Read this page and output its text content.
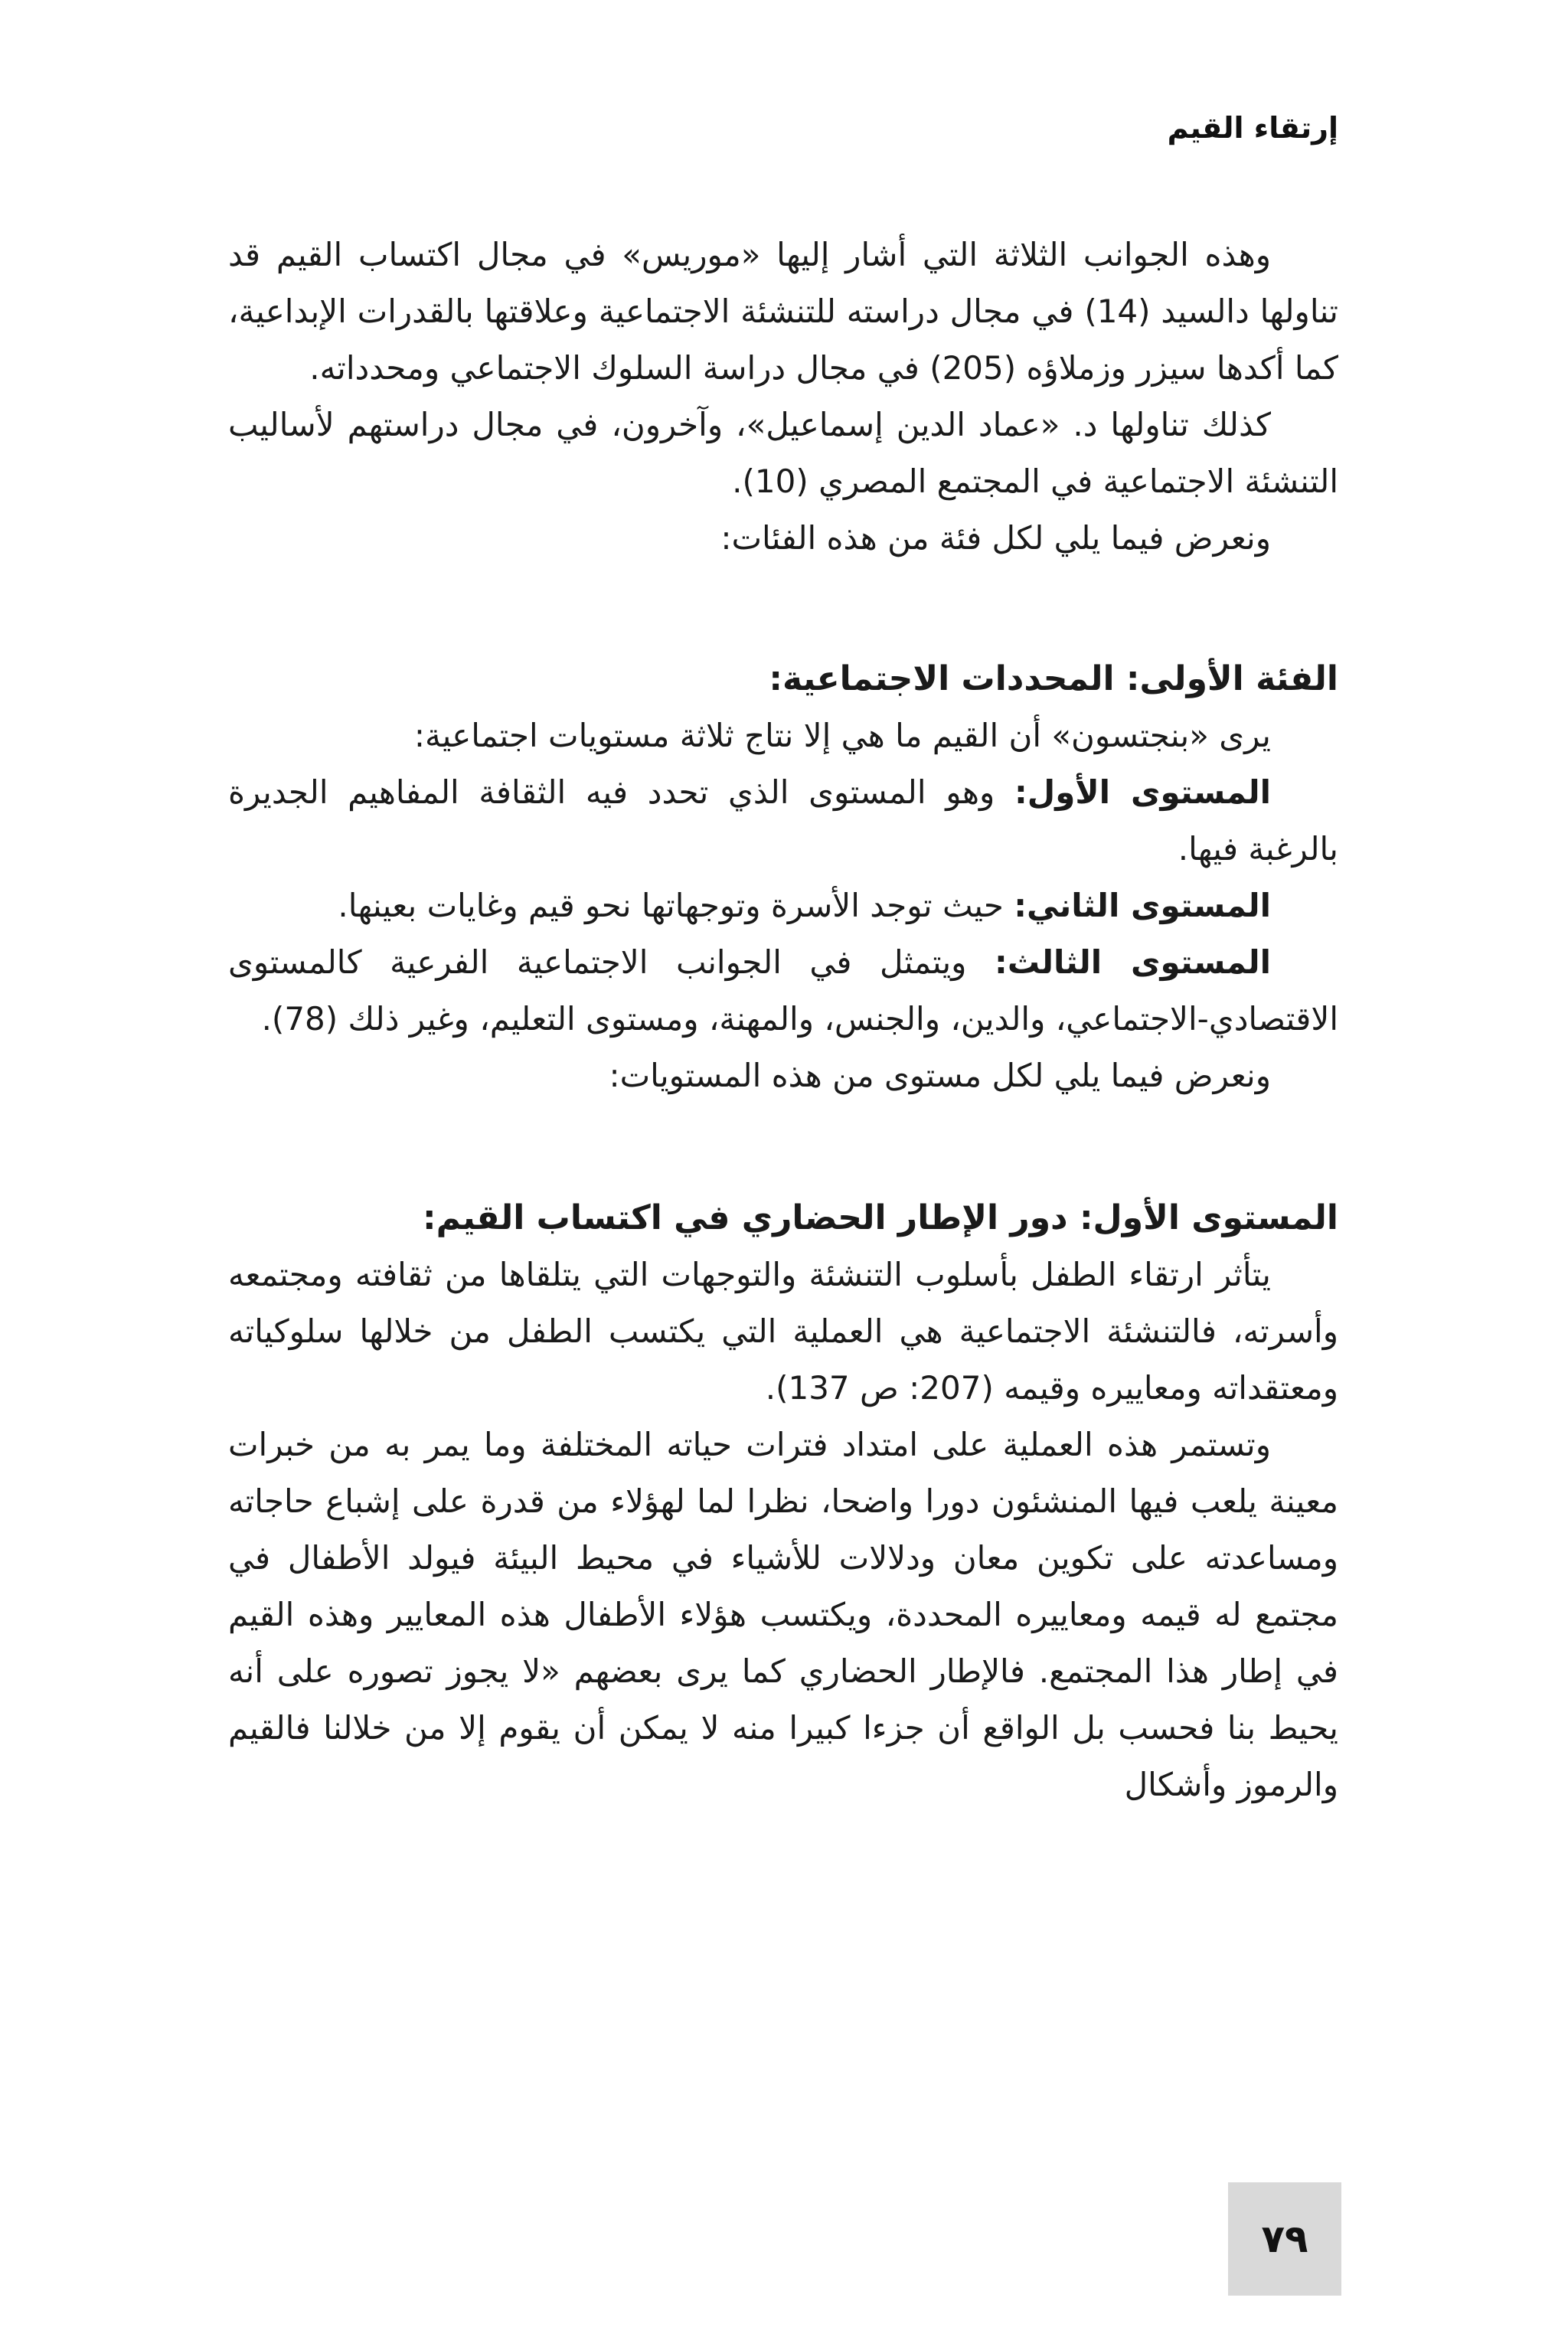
إرتقاء القيم

وهذه الجوانب الثلاثة التي أشار إليها «موريس» في مجال اكتساب القيم قد تناولها دالسيد (14) في مجال دراسته للتنشئة الاجتماعية وعلاقتها بالقدرات الإبداعية، كما أكدها سيزر وزملاؤه (205) في مجال دراسة السلوك الاجتماعي ومحدداته.

كذلك تناولها د. «عماد الدين إسماعيل»، وآخرون، في مجال دراستهم لأساليب التنشئة الاجتماعية في المجتمع المصري (10).

ونعرض فيما يلي لكل فئة من هذه الفئات:

الفئة الأولى: المحددات الاجتماعية:

يرى «بنجتسون» أن القيم ما هي إلا نتاج ثلاثة مستويات اجتماعية:

المستوى الأول: وهو المستوى الذي تحدد فيه الثقافة المفاهيم الجديرة بالرغبة فيها.

المستوى الثاني: حيث توجد الأسرة وتوجهاتها نحو قيم وغايات بعينها.

المستوى الثالث: ويتمثل في الجوانب الاجتماعية الفرعية كالمستوى الاقتصادي-الاجتماعي، والدين، والجنس، والمهنة، ومستوى التعليم، وغير ذلك (78).

ونعرض فيما يلي لكل مستوى من هذه المستويات:

المستوى الأول: دور الإطار الحضاري في اكتساب القيم:

يتأثر ارتقاء الطفل بأسلوب التنشئة والتوجهات التي يتلقاها من ثقافته ومجتمعه وأسرته، فالتنشئة الاجتماعية هي العملية التي يكتسب الطفل من خلالها سلوكياته ومعتقداته ومعاييره وقيمه (207: ص 137).

وتستمر هذه العملية على امتداد فترات حياته المختلفة وما يمر به من خبرات معينة يلعب فيها المنشئون دورا واضحا، نظرا لما لهؤلاء من قدرة على إشباع حاجاته ومساعدته على تكوين معان ودلالات للأشياء في محيط البيئة فيولد الأطفال في مجتمع له قيمه ومعاييره المحددة، ويكتسب هؤلاء الأطفال هذه المعايير وهذه القيم في إطار هذا المجتمع. فالإطار الحضاري كما يرى بعضهم «لا يجوز تصوره على أنه يحيط بنا فحسب بل الواقع أن جزءا كبيرا منه لا يمكن أن يقوم إلا من خلالنا فالقيم والرموز وأشكال

٧٩
